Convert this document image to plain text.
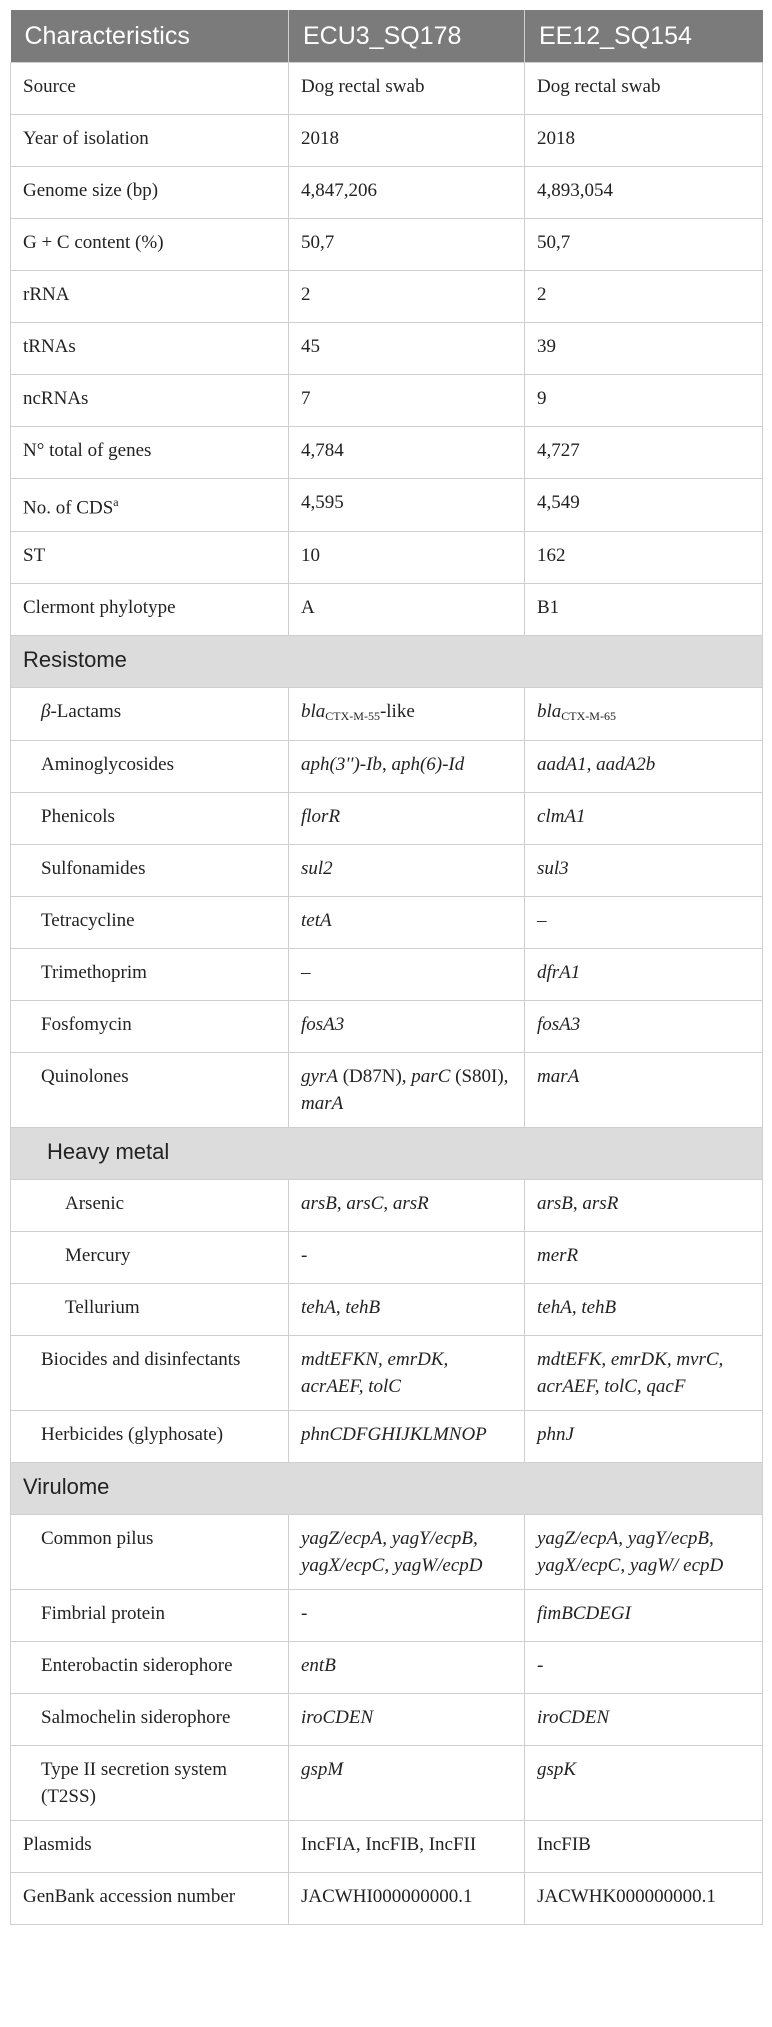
Characteristics	ECU3_SQ178	EE12_SQ154
Source	Dog rectal swab	Dog rectal swab
Year of isolation	2018	2018
Genome size (bp)	4,847,206	4,893,054
G + C content (%)	50,7	50,7
rRNA	2	2
tRNAs	45	39
ncRNAs	7	9
N° total of genes	4,784	4,727
No. of CDS$^a$	4,595	4,549
ST	10	162
Clermont phylotype	A	B1
Resistome		
β-Lactams	bla$_{CTX-M-55}$-like	bla$_{CTX-M-65}$
Aminoglycosides	aph(3'')-Ib, aph(6)-Id	aadA1, aadA2b
Phenicols	florR	clmA1
Sulfonamides	sul2	sul3
Tetracycline	tetA	–
Trimethoprim	–	dfrA1
Fosfomycin	fosA3	fosA3
Quinolones	gyrA (D87N), parC (S80I), marA	marA
Heavy metal		
Arsenic	arsB, arsC, arsR	arsB, arsR
Mercury	-	merR
Tellurium	tehA, tehB	tehA, tehB
Biocides and disinfectants	mdtEFKN, emrDK, acrAEF, tolC	mdtEFK, emrDK, mvrC, acrAEF, tolC, qacF
Herbicides (glyphosate)	phnCDFGHIJKLMNOP	phnJ
Virulome		
Common pilus	yagZ/ecpA, yagY/ecpB, yagX/ecpC, yagW/ecpD	yagZ/ecpA, yagY/ecpB, yagX/ecpC, yagW/ ecpD
Fimbrial protein	-	fimBCDEGI
Enterobactin siderophore	entB	-
Salmochelin siderophore	iroCDEN	iroCDEN
Type II secretion system (T2SS)	gspM	gspK
Plasmids	IncFIA, IncFIB, IncFII	IncFIB
GenBank accession number	JACWHI000000000.1	JACWHK000000000.1
